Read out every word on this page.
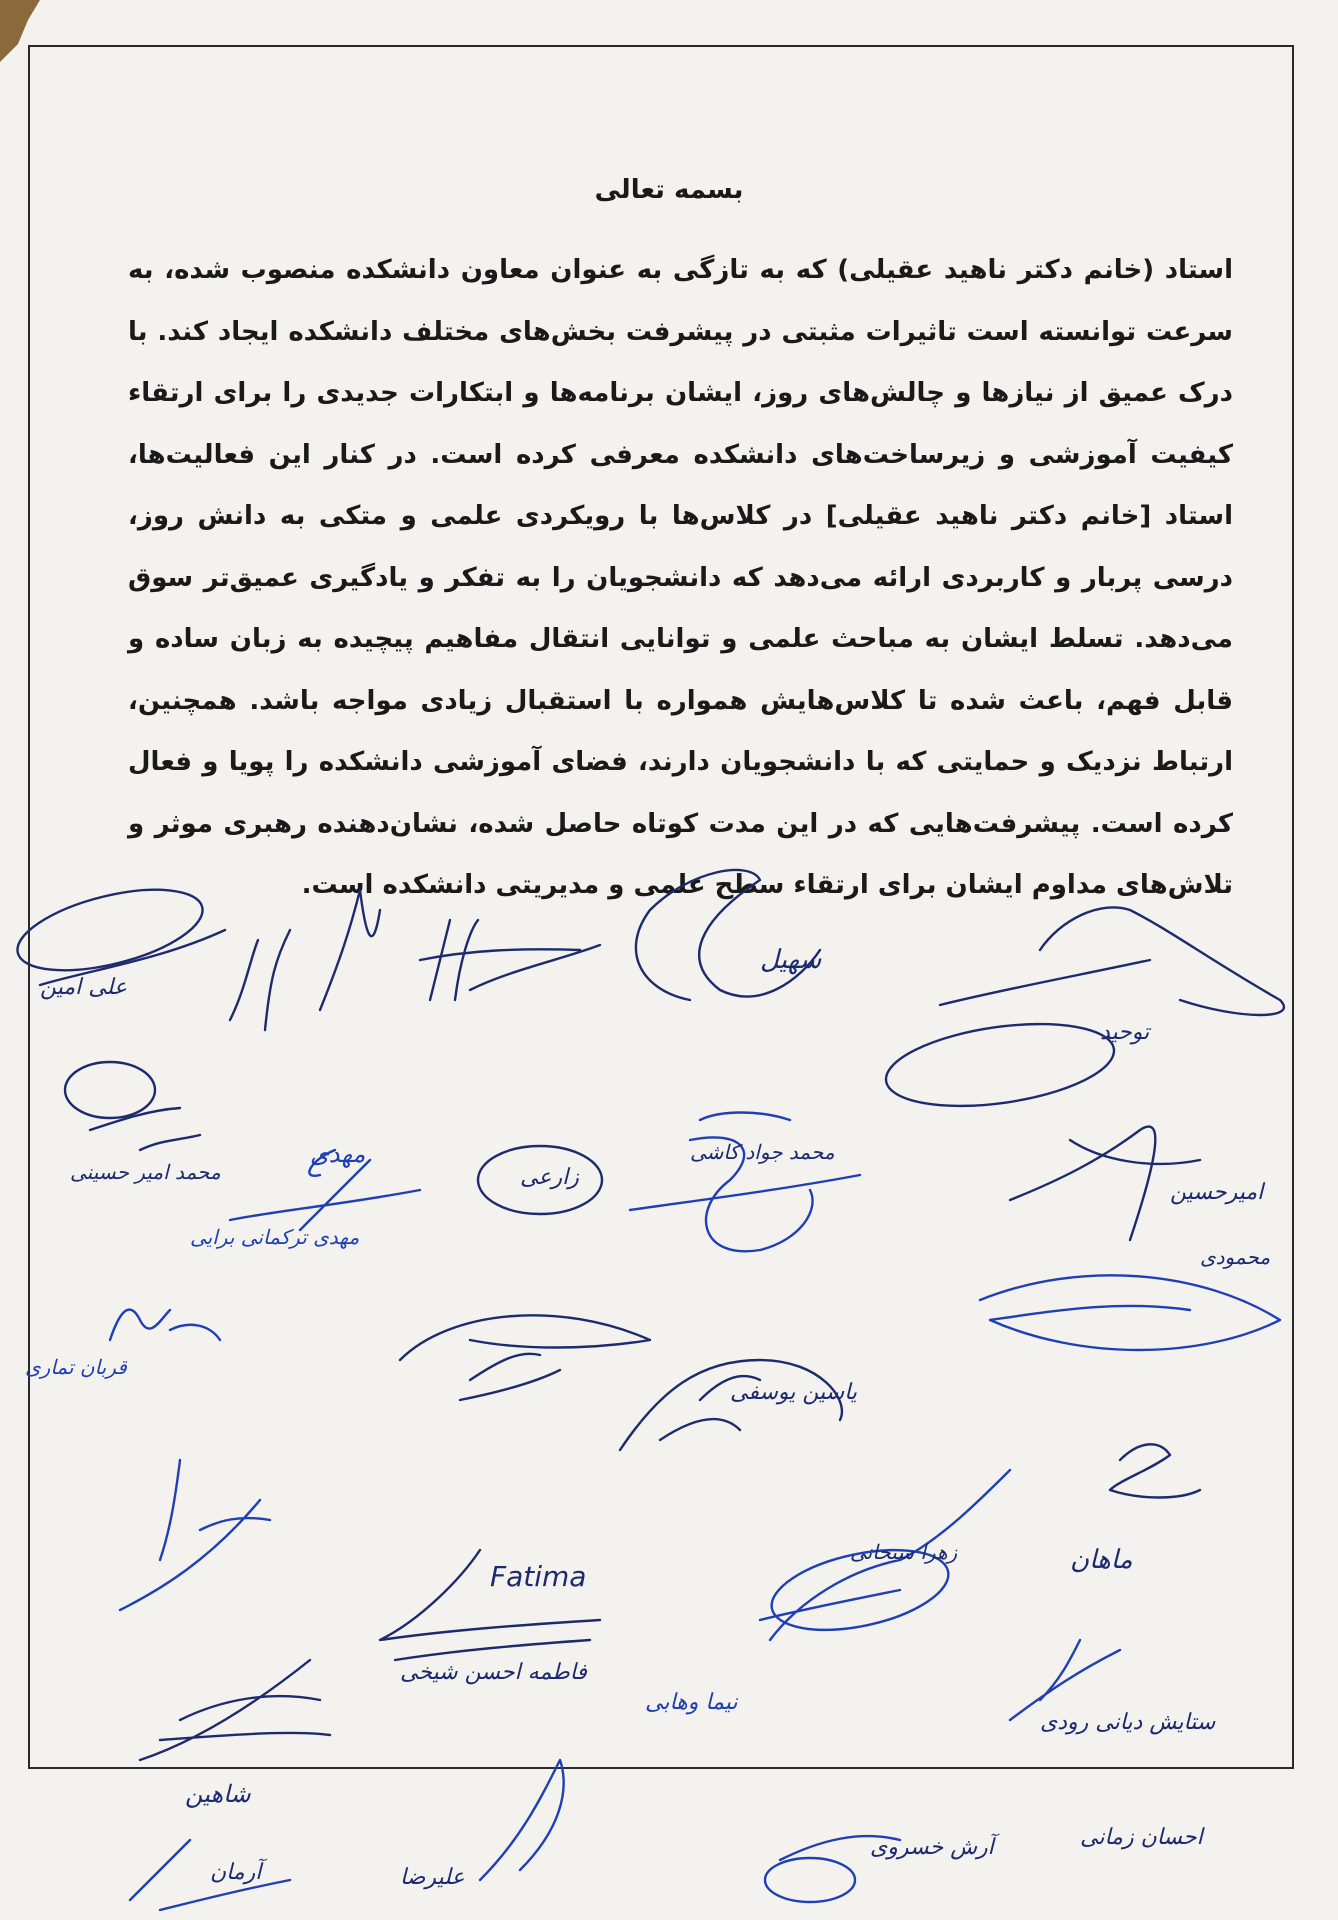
بسمه تعالی
استاد (خانم دکتر ناهید عقیلی) که به تازگی به عنوان معاون دانشکده منصوب شده، به سرعت توانسته است تاثیرات مثبتی در پیشرفت بخش‌های مختلف دانشکده ایجاد کند. با درک عمیق از نیازها و چالش‌های روز، ایشان برنامه‌ها و ابتکارات جدیدی را برای ارتقاء کیفیت آموزشی و زیرساخت‌های دانشکده معرفی کرده است. در کنار این فعالیت‌ها، استاد [خانم دکتر ناهید عقیلی] در کلاس‌ها با رویکردی علمی و متکی به دانش روز، درسی پربار و کاربردی ارائه می‌دهد که دانشجویان را به تفکر و یادگیری عمیق‌تر سوق می‌دهد. تسلط ایشان به مباحث علمی و توانایی انتقال مفاهیم پیچیده به زبان ساده و قابل فهم، باعث شده تا کلاس‌هایش همواره با استقبال زیادی مواجه باشد. همچنین، ارتباط نزدیک و حمایتی که با دانشجویان دارند، فضای آموزشی دانشکده را پویا و فعال کرده است. پیشرفت‌هایی که در این مدت کوتاه حاصل شده، نشان‌دهنده رهبری موثر و تلاش‌های مداوم ایشان برای ارتقاء سطح علمی و مدیریتی دانشکده است.
علی امین
سهیل
توحید
محمد امیر حسینی
مهدی
مهدی ترکمانی برایی
زارعی
محمد جواد کاشی
امیرحسین
محمودی
قربان تماری
یاسین یوسفی
Fatima
فاطمه احسن شیخی
زهرا سبحانی	ماهان
ستایش دیانی رودی
نیما وهابی
شاهین
آرمان	علیرضا
آرش خسروی	احسان زمانی
